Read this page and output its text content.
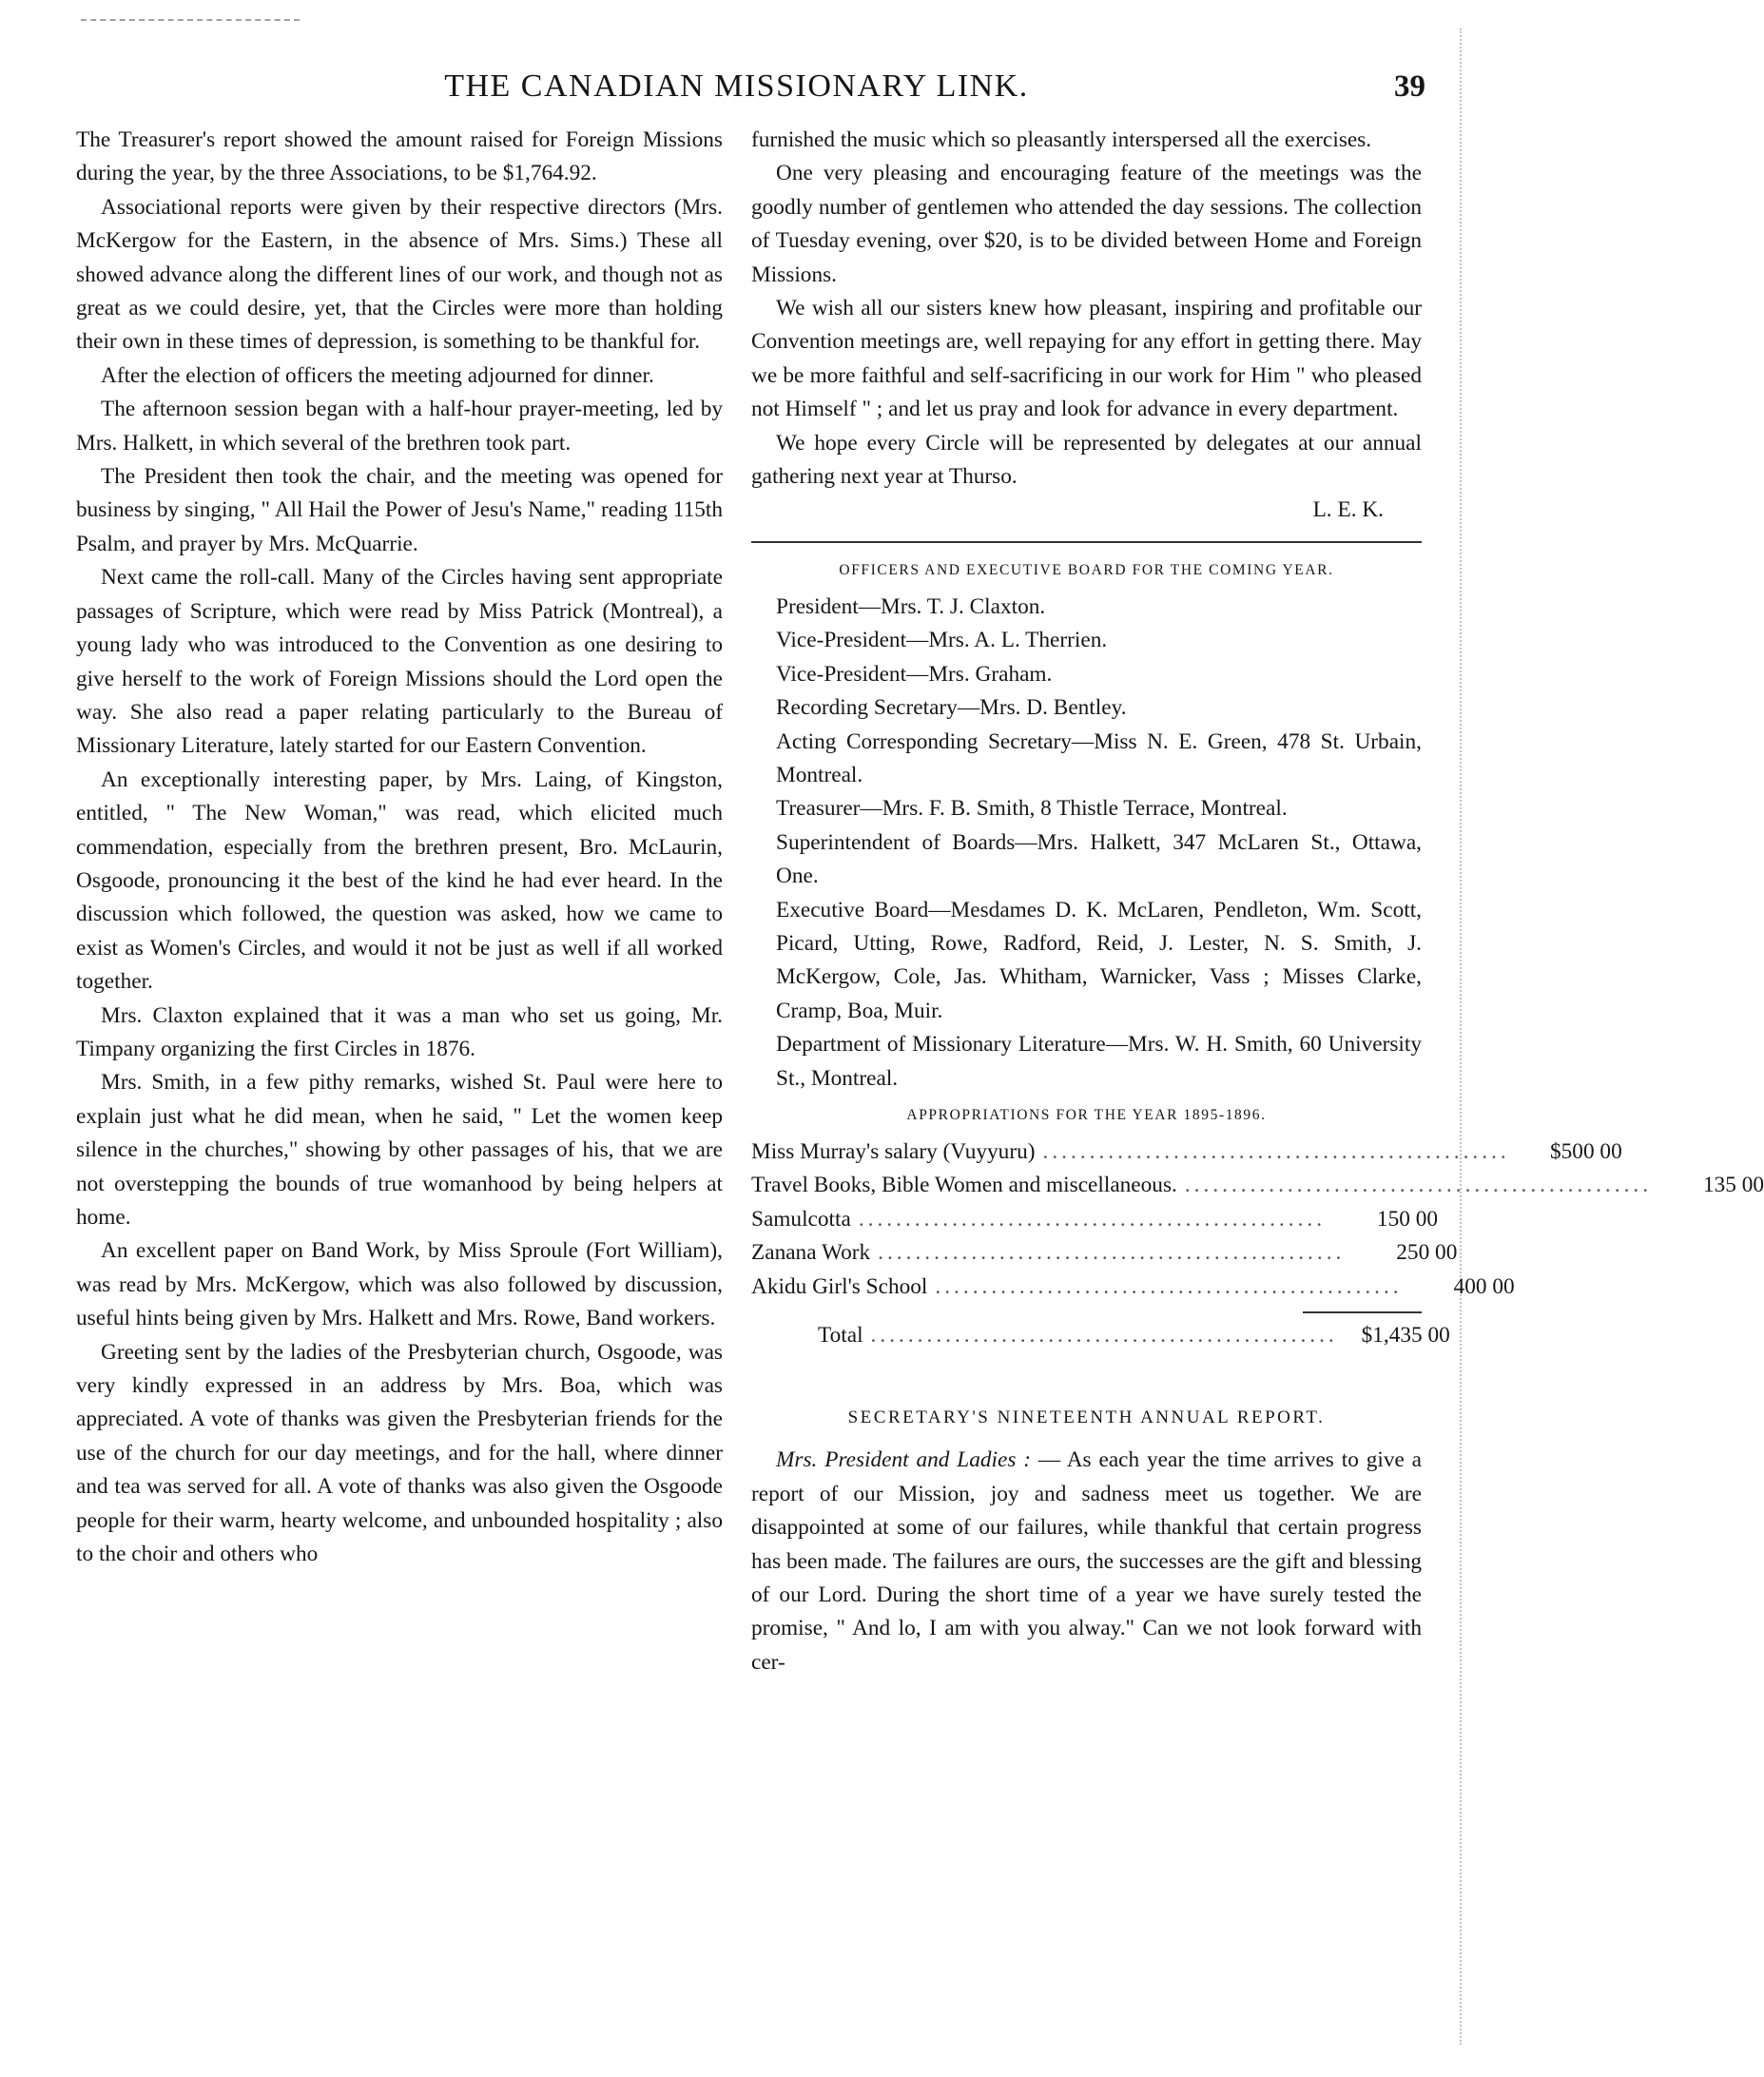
THE CANADIAN MISSIONARY LINK.	39

The Treasurer's report showed the amount raised for Foreign Missions during the year, by the three Associations, to be $1,764.92.

Associational reports were given by their respective directors (Mrs. McKergow for the Eastern, in the absence of Mrs. Sims.) These all showed advance along the different lines of our work, and though not as great as we could desire, yet, that the Circles were more than holding their own in these times of depression, is something to be thankful for.

After the election of officers the meeting adjourned for dinner.

The afternoon session began with a half-hour prayer-meeting, led by Mrs. Halkett, in which several of the brethren took part.

The President then took the chair, and the meeting was opened for business by singing, " All Hail the Power of Jesu's Name," reading 115th Psalm, and prayer by Mrs. McQuarrie.

Next came the roll-call. Many of the Circles having sent appropriate passages of Scripture, which were read by Miss Patrick (Montreal), a young lady who was introduced to the Convention as one desiring to give herself to the work of Foreign Missions should the Lord open the way. She also read a paper relating particularly to the Bureau of Missionary Literature, lately started for our Eastern Convention.

An exceptionally interesting paper, by Mrs. Laing, of Kingston, entitled, " The New Woman," was read, which elicited much commendation, especially from the brethren present, Bro. McLaurin, Osgoode, pronouncing it the best of the kind he had ever heard. In the discussion which followed, the question was asked, how we came to exist as Women's Circles, and would it not be just as well if all worked together.

Mrs. Claxton explained that it was a man who set us going, Mr. Timpany organizing the first Circles in 1876.

Mrs. Smith, in a few pithy remarks, wished St. Paul were here to explain just what he did mean, when he said, " Let the women keep silence in the churches," showing by other passages of his, that we are not overstepping the bounds of true womanhood by being helpers at home.

An excellent paper on Band Work, by Miss Sproule (Fort William), was read by Mrs. McKergow, which was also followed by discussion, useful hints being given by Mrs. Halkett and Mrs. Rowe, Band workers.

Greeting sent by the ladies of the Presbyterian church, Osgoode, was very kindly expressed in an address by Mrs. Boa, which was appreciated. A vote of thanks was given the Presbyterian friends for the use of the church for our day meetings, and for the hall, where dinner and tea was served for all. A vote of thanks was also given the Osgoode people for their warm, hearty welcome, and unbounded hospitality ; also to the choir and others who

furnished the music which so pleasantly interspersed all the exercises.

One very pleasing and encouraging feature of the meetings was the goodly number of gentlemen who attended the day sessions. The collection of Tuesday evening, over $20, is to be divided between Home and Foreign Missions.

We wish all our sisters knew how pleasant, inspiring and profitable our Convention meetings are, well repaying for any effort in getting there. May we be more faithful and self-sacrificing in our work for Him " who pleased not Himself " ; and let us pray and look for advance in every department.

We hope every Circle will be represented by delegates at our annual gathering next year at Thurso.

L. E. K.
OFFICERS AND EXECUTIVE BOARD FOR THE COMING YEAR.

President—Mrs. T. J. Claxton.

Vice-President—Mrs. A. L. Therrien.

Vice-President—Mrs. Graham.

Recording Secretary—Mrs. D. Bentley.

Acting Corresponding Secretary—Miss N. E. Green, 478 St. Urbain, Montreal.

Treasurer—Mrs. F. B. Smith, 8 Thistle Terrace, Montreal.

Superintendent of Boards—Mrs. Halkett, 347 McLaren St., Ottawa, One.

Executive Board—Mesdames D. K. McLaren, Pendleton, Wm. Scott, Picard, Utting, Rowe, Radford, Reid, J. Lester, N. S. Smith, J. McKergow, Cole, Jas. Whitham, Warnicker, Vass ; Misses Clarke, Cramp, Boa, Muir.

Department of Missionary Literature—Mrs. W. H. Smith, 60 University St., Montreal.

APPROPRIATIONS FOR THE YEAR 1895-1896.
Miss Murray's salary (Vuyyuru) ..................................................	$500 00
Travel Books, Bible Women and miscellaneous. ..................................................	135 00
Samulcotta ..................................................	150 00
Zanana Work ..................................................	250 00
Akidu Girl's School ..................................................	400 00
Total ..................................................	$1,435 00
SECRETARY'S NINETEENTH ANNUAL REPORT.

Mrs. President and Ladies : — As each year the time arrives to give a report of our Mission, joy and sadness meet us together. We are disappointed at some of our failures, while thankful that certain progress has been made. The failures are ours, the successes are the gift and blessing of our Lord. During the short time of a year we have surely tested the promise, " And lo, I am with you alway." Can we not look forward with cer-
